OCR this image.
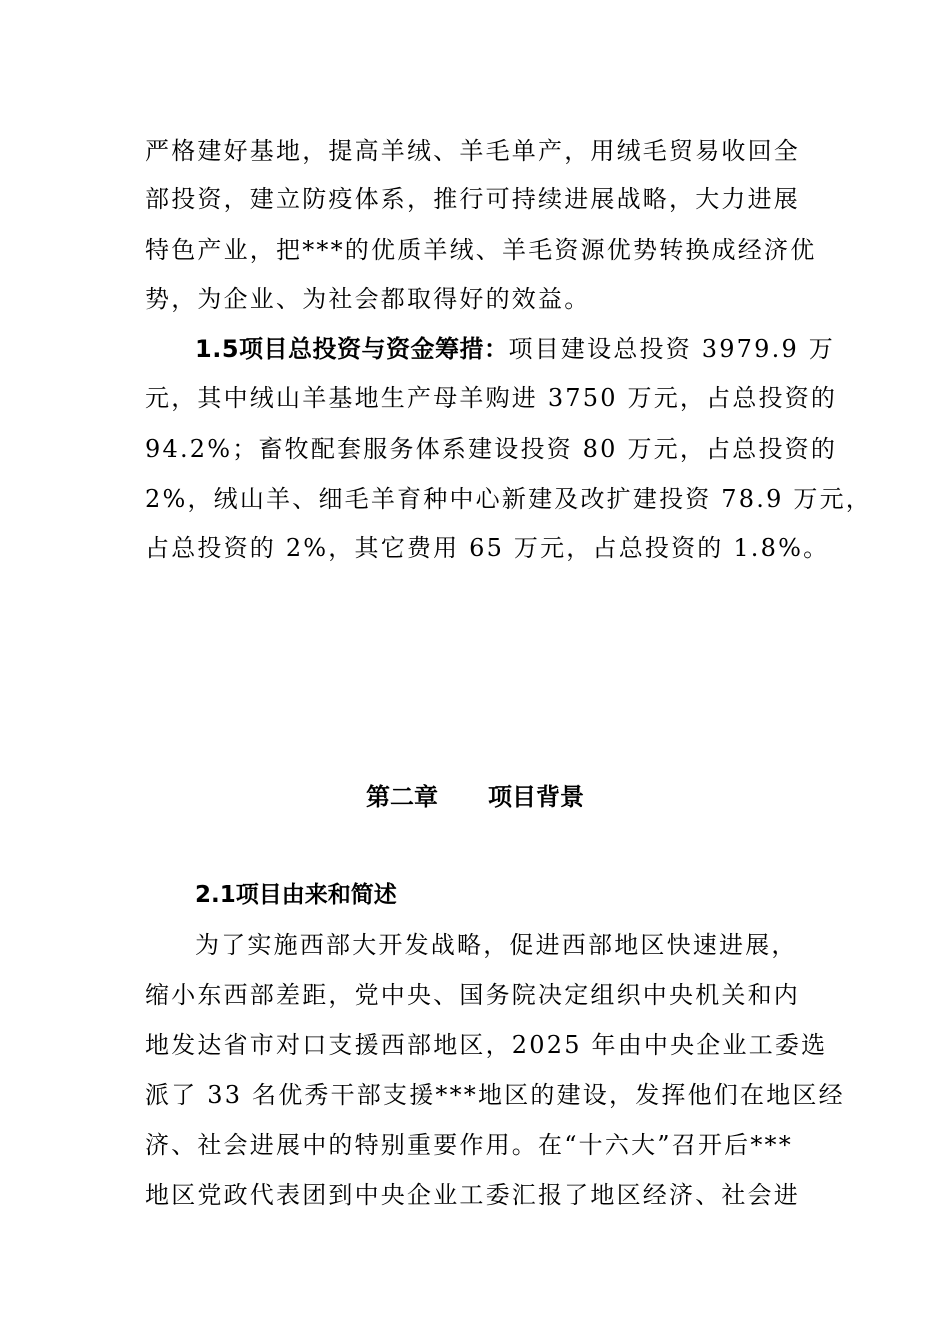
严格建好基地，提高羊绒、羊毛单产，用绒毛贸易收回全
部投资，建立防疫体系，推行可持续进展战略，大力进展
特色产业，把***的优质羊绒、羊毛资源优势转换成经济优
势，为企业、为社会都取得好的效益。
1.5项目总投资与资金筹措：项目建设总投资 3979.9 万
元，其中绒山羊基地生产母羊购进 3750 万元，占总投资的
94.2%；畜牧配套服务体系建设投资 80 万元，占总投资的
2%，绒山羊、细毛羊育种中心新建及改扩建投资 78.9 万元，
占总投资的 2%，其它费用 65 万元，占总投资的 1.8%。
第二章 项目背景
2.1项目由来和简述
为了实施西部大开发战略，促进西部地区快速进展，
缩小东西部差距，党中央、国务院决定组织中央机关和内
地发达省市对口支援西部地区，2025 年由中央企业工委选
派了 33 名优秀干部支援***地区的建设，发挥他们在地区经
济、社会进展中的特别重要作用。在“十六大”召开后***
地区党政代表团到中央企业工委汇报了地区经济、社会进
